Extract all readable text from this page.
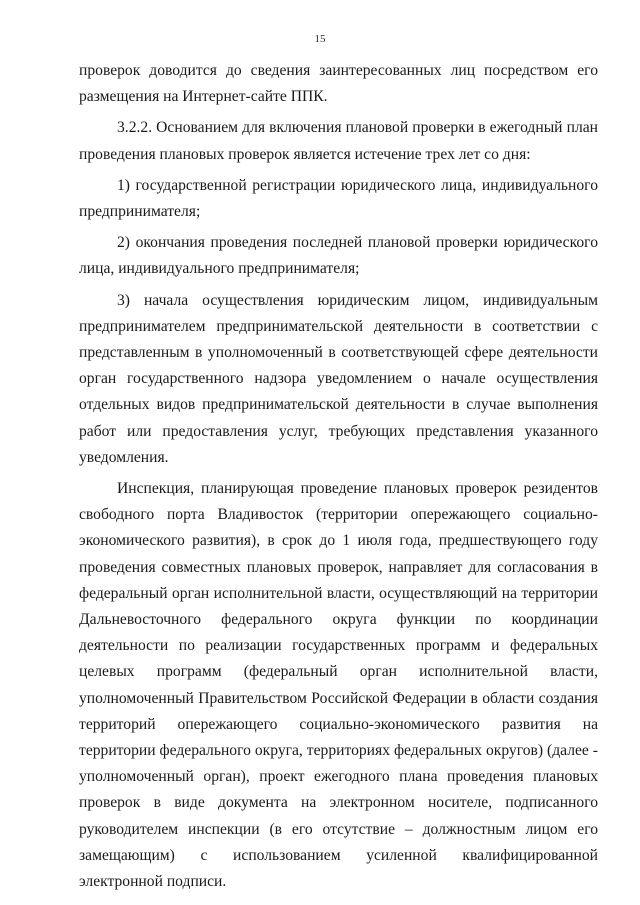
15

проверок доводится до сведения заинтересованных лиц посредством его размещения на Интернет-сайте ППК.

3.2.2. Основанием для включения плановой проверки в ежегодный план проведения плановых проверок является истечение трех лет со дня:

1) государственной регистрации юридического лица, индивидуального предпринимателя;

2) окончания проведения последней плановой проверки юридического лица, индивидуального предпринимателя;

3) начала осуществления юридическим лицом, индивидуальным предпринимателем предпринимательской деятельности в соответствии с представленным в уполномоченный в соответствующей сфере деятельности орган государственного надзора уведомлением о начале осуществления отдельных видов предпринимательской деятельности в случае выполнения работ или предоставления услуг, требующих представления указанного уведомления.

Инспекция, планирующая проведение плановых проверок резидентов свободного порта Владивосток (территории опережающего социально-экономического развития), в срок до 1 июля года, предшествующего году проведения совместных плановых проверок, направляет для согласования в федеральный орган исполнительной власти, осуществляющий на территории Дальневосточного федерального округа функции по координации деятельности по реализации государственных программ и федеральных целевых программ (федеральный орган исполнительной власти, уполномоченный Правительством Российской Федерации в области создания территорий опережающего социально-экономического развития на территории федерального округа, территориях федеральных округов) (далее - уполномоченный орган), проект ежегодного плана проведения плановых проверок в виде документа на электронном носителе, подписанного руководителем инспекции (в его отсутствие – должностным лицом его замещающим) с использованием усиленной квалифицированной электронной подписи.
